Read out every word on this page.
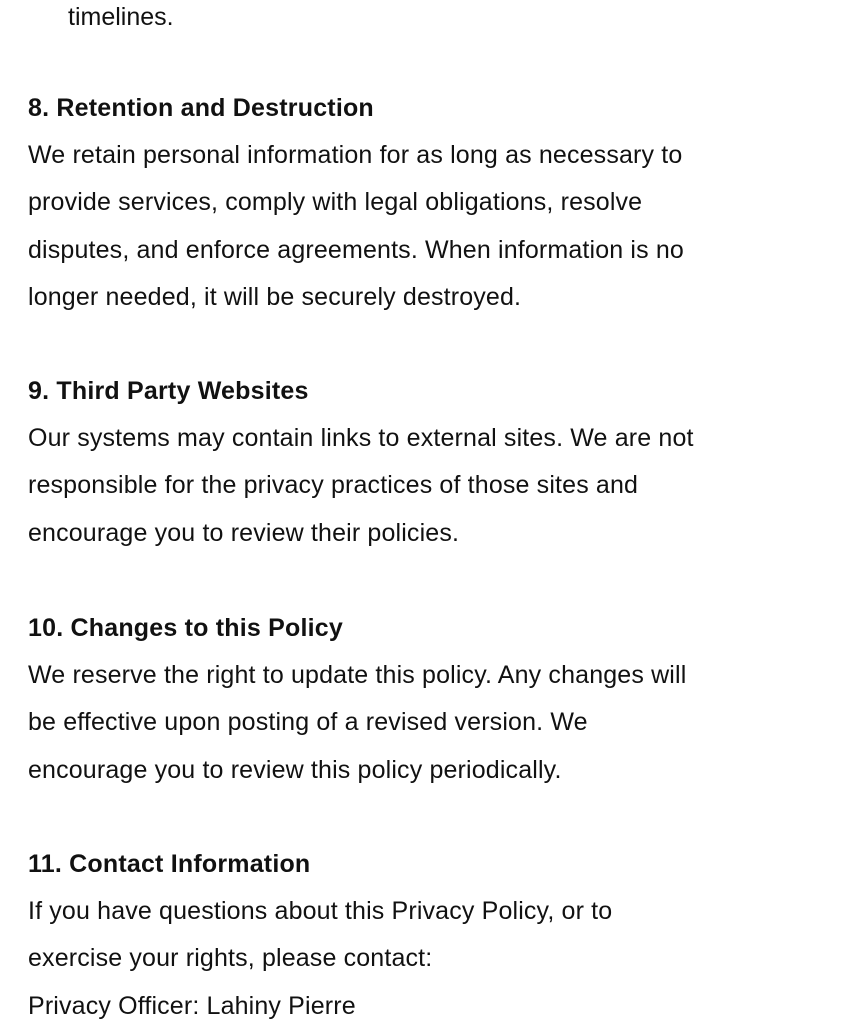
timelines.

8. Retention and Destruction

We retain personal information for as long as necessary to
provide services, comply with legal obligations, resolve
disputes, and enforce agreements. When information is no
longer needed, it will be securely destroyed.

9. Third Party Websites

Our systems may contain links to external sites. We are not
responsible for the privacy practices of those sites and
encourage you to review their policies.

10. Changes to this Policy

We reserve the right to update this policy. Any changes will
be effective upon posting of a revised version. We
encourage you to review this policy periodically.

11. Contact Information

If you have questions about this Privacy Policy, or to
exercise your rights, please contact:
Privacy Officer: Lahiny Pierre
